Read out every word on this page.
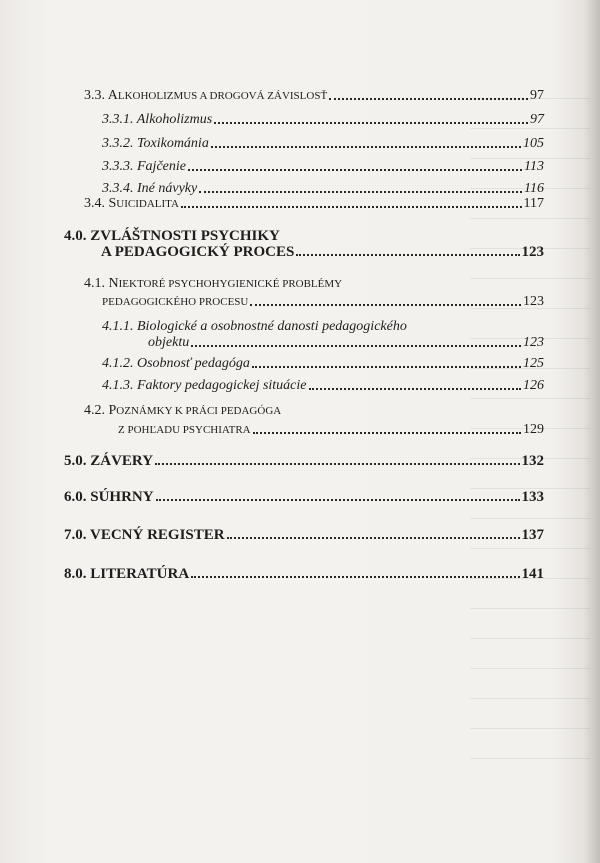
3.3. ALKOHOLIZMUS A DROGOVÁ ZÁVISLOSŤ	97
3.3.1. Alkoholizmus	97
3.3.2. Toxikománia	105
3.3.3. Fajčenie	113
3.3.4. Iné návyky	116
3.4. SUICIDALITA	117
4.0. ZVLÁŠTNOSTI PSYCHIKY
A PEDAGOGICKÝ PROCES	123
4.1. NIEKTORÉ PSYCHOHYGIENICKÉ PROBLÉMY
PEDAGOGICKÉHO PROCESU	123
4.1.1. Biologické a osobnostné danosti pedagogického
objektu	123
4.1.2. Osobnosť pedagóga	125
4.1.3. Faktory pedagogickej situácie	126
4.2. POZNÁMKY K PRÁCI PEDAGÓGA
Z POHĽADU PSYCHIATRA	129
5.0. ZÁVERY	132
6.0. SÚHRNY	133
7.0. VECNÝ REGISTER	137
8.0. LITERATÚRA	141
